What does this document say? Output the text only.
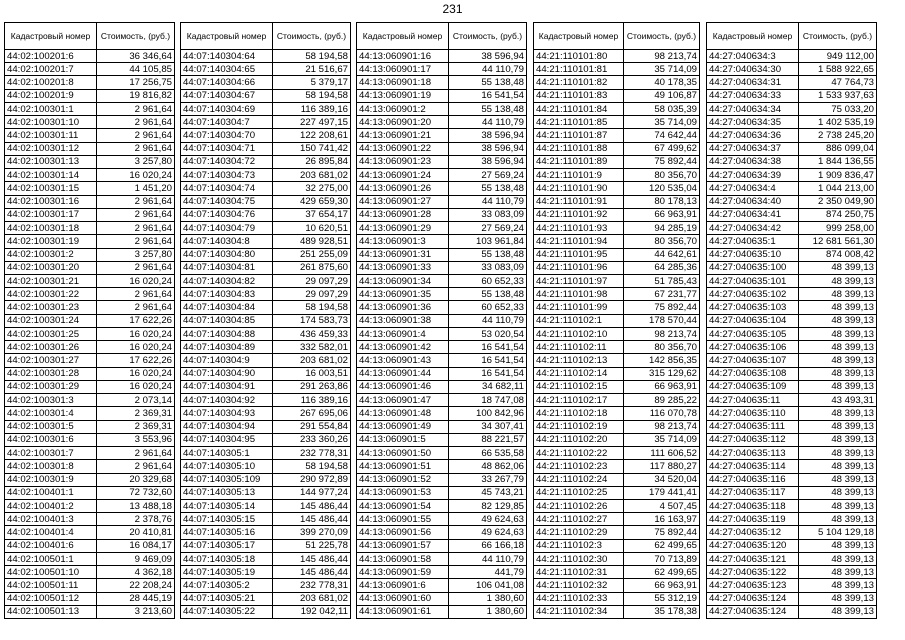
231
Кадастровый номер	Стоимость, (руб.)
44:02:100201:6	36 346,64
44:02:100201:7	44 105,85
44:02:100201:8	17 256,75
44:02:100201:9	19 816,82
44:02:100301:1	2 961,64
44:02:100301:10	2 961,64
44:02:100301:11	2 961,64
44:02:100301:12	2 961,64
44:02:100301:13	3 257,80
44:02:100301:14	16 020,24
44:02:100301:15	1 451,20
44:02:100301:16	2 961,64
44:02:100301:17	2 961,64
44:02:100301:18	2 961,64
44:02:100301:19	2 961,64
44:02:100301:2	3 257,80
44:02:100301:20	2 961,64
44:02:100301:21	16 020,24
44:02:100301:22	2 961,64
44:02:100301:23	2 961,64
44:02:100301:24	17 622,26
44:02:100301:25	16 020,24
44:02:100301:26	16 020,24
44:02:100301:27	17 622,26
44:02:100301:28	16 020,24
44:02:100301:29	16 020,24
44:02:100301:3	2 073,14
44:02:100301:4	2 369,31
44:02:100301:5	2 369,31
44:02:100301:6	3 553,96
44:02:100301:7	2 961,64
44:02:100301:8	2 961,64
44:02:100301:9	20 329,68
44:02:100401:1	72 732,60
44:02:100401:2	13 488,18
44:02:100401:3	2 378,76
44:02:100401:4	20 410,81
44:02:100401:6	16 084,17
44:02:100501:1	9 469,09
44:02:100501:10	4 362,18
44:02:100501:11	22 208,24
44:02:100501:12	28 445,19
44:02:100501:13	3 213,60
Кадастровый номер	Стоимость, (руб.)
44:07:140304:64	58 194,58
44:07:140304:65	21 516,67
44:07:140304:66	5 379,17
44:07:140304:67	58 194,58
44:07:140304:69	116 389,16
44:07:140304:7	227 497,15
44:07:140304:70	122 208,61
44:07:140304:71	150 741,42
44:07:140304:72	26 895,84
44:07:140304:73	203 681,02
44:07:140304:74	32 275,00
44:07:140304:75	429 659,30
44:07:140304:76	37 654,17
44:07:140304:79	10 620,51
44:07:140304:8	489 928,51
44:07:140304:80	251 255,09
44:07:140304:81	261 875,60
44:07:140304:82	29 097,29
44:07:140304:83	29 097,29
44:07:140304:84	58 194,58
44:07:140304:85	174 583,73
44:07:140304:88	436 459,33
44:07:140304:89	332 582,01
44:07:140304:9	203 681,02
44:07:140304:90	16 003,51
44:07:140304:91	291 263,86
44:07:140304:92	116 389,16
44:07:140304:93	267 695,06
44:07:140304:94	291 554,84
44:07:140304:95	233 360,26
44:07:140305:1	232 778,31
44:07:140305:10	58 194,58
44:07:140305:109	290 972,89
44:07:140305:13	144 977,24
44:07:140305:14	145 486,44
44:07:140305:15	145 486,44
44:07:140305:16	399 270,09
44:07:140305:17	51 225,78
44:07:140305:18	145 486,44
44:07:140305:19	145 486,44
44:07:140305:2	232 778,31
44:07:140305:21	203 681,02
44:07:140305:22	192 042,11
Кадастровый номер	Стоимость, (руб.)
44:13:060901:16	38 596,94
44:13:060901:17	44 110,79
44:13:060901:18	55 138,48
44:13:060901:19	16 541,54
44:13:060901:2	55 138,48
44:13:060901:20	44 110,79
44:13:060901:21	38 596,94
44:13:060901:22	38 596,94
44:13:060901:23	38 596,94
44:13:060901:24	27 569,24
44:13:060901:26	55 138,48
44:13:060901:27	44 110,79
44:13:060901:28	33 083,09
44:13:060901:29	27 569,24
44:13:060901:3	103 961,84
44:13:060901:31	55 138,48
44:13:060901:33	33 083,09
44:13:060901:34	60 652,33
44:13:060901:35	55 138,48
44:13:060901:36	60 652,33
44:13:060901:38	44 110,79
44:13:060901:4	53 020,54
44:13:060901:42	16 541,54
44:13:060901:43	16 541,54
44:13:060901:44	16 541,54
44:13:060901:46	34 682,11
44:13:060901:47	18 747,08
44:13:060901:48	100 842,96
44:13:060901:49	34 307,41
44:13:060901:5	88 221,57
44:13:060901:50	66 535,58
44:13:060901:51	48 862,06
44:13:060901:52	33 267,79
44:13:060901:53	45 743,21
44:13:060901:54	82 129,85
44:13:060901:55	49 624,63
44:13:060901:56	49 624,63
44:13:060901:57	66 166,18
44:13:060901:58	44 110,79
44:13:060901:59	441,79
44:13:060901:6	106 041,08
44:13:060901:60	1 380,60
44:13:060901:61	1 380,60
Кадастровый номер	Стоимость, (руб.)
44:21:110101:80	98 213,74
44:21:110101:81	35 714,09
44:21:110101:82	40 178,35
44:21:110101:83	49 106,87
44:21:110101:84	58 035,39
44:21:110101:85	35 714,09
44:21:110101:87	74 642,44
44:21:110101:88	67 499,62
44:21:110101:89	75 892,44
44:21:110101:9	80 356,70
44:21:110101:90	120 535,04
44:21:110101:91	80 178,13
44:21:110101:92	66 963,91
44:21:110101:93	94 285,19
44:21:110101:94	80 356,70
44:21:110101:95	44 642,61
44:21:110101:96	64 285,36
44:21:110101:97	51 785,43
44:21:110101:98	67 231,77
44:21:110101:99	75 892,44
44:21:110102:1	178 570,44
44:21:110102:10	98 213,74
44:21:110102:11	80 356,70
44:21:110102:13	142 856,35
44:21:110102:14	315 129,62
44:21:110102:15	66 963,91
44:21:110102:17	89 285,22
44:21:110102:18	116 070,78
44:21:110102:19	98 213,74
44:21:110102:20	35 714,09
44:21:110102:22	111 606,52
44:21:110102:23	117 880,27
44:21:110102:24	34 520,04
44:21:110102:25	179 441,41
44:21:110102:26	4 507,45
44:21:110102:27	16 163,97
44:21:110102:29	75 892,44
44:21:110102:3	62 499,65
44:21:110102:30	70 713,89
44:21:110102:31	62 499,65
44:21:110102:32	66 963,91
44:21:110102:33	55 312,19
44:21:110102:34	35 178,38
Кадастровый номер	Стоимость, (руб.)
44:27:040634:3	949 112,00
44:27:040634:30	1 588 922,65
44:27:040634:31	47 764,73
44:27:040634:33	1 533 937,63
44:27:040634:34	75 033,20
44:27:040634:35	1 402 535,19
44:27:040634:36	2 738 245,20
44:27:040634:37	886 099,04
44:27:040634:38	1 844 136,55
44:27:040634:39	1 909 836,47
44:27:040634:4	1 044 213,00
44:27:040634:40	2 350 049,90
44:27:040634:41	874 250,75
44:27:040634:42	999 258,00
44:27:040635:1	12 681 561,30
44:27:040635:10	874 008,42
44:27:040635:100	48 399,13
44:27:040635:101	48 399,13
44:27:040635:102	48 399,13
44:27:040635:103	48 399,13
44:27:040635:104	48 399,13
44:27:040635:105	48 399,13
44:27:040635:106	48 399,13
44:27:040635:107	48 399,13
44:27:040635:108	48 399,13
44:27:040635:109	48 399,13
44:27:040635:11	43 493,31
44:27:040635:110	48 399,13
44:27:040635:111	48 399,13
44:27:040635:112	48 399,13
44:27:040635:113	48 399,13
44:27:040635:114	48 399,13
44:27:040635:116	48 399,13
44:27:040635:117	48 399,13
44:27:040635:118	48 399,13
44:27:040635:119	48 399,13
44:27:040635:12	5 104 129,18
44:27:040635:120	48 399,13
44:27:040635:121	48 399,13
44:27:040635:122	48 399,13
44:27:040635:123	48 399,13
44:27:040635:124	48 399,13
44:27:040635:124	48 399,13
